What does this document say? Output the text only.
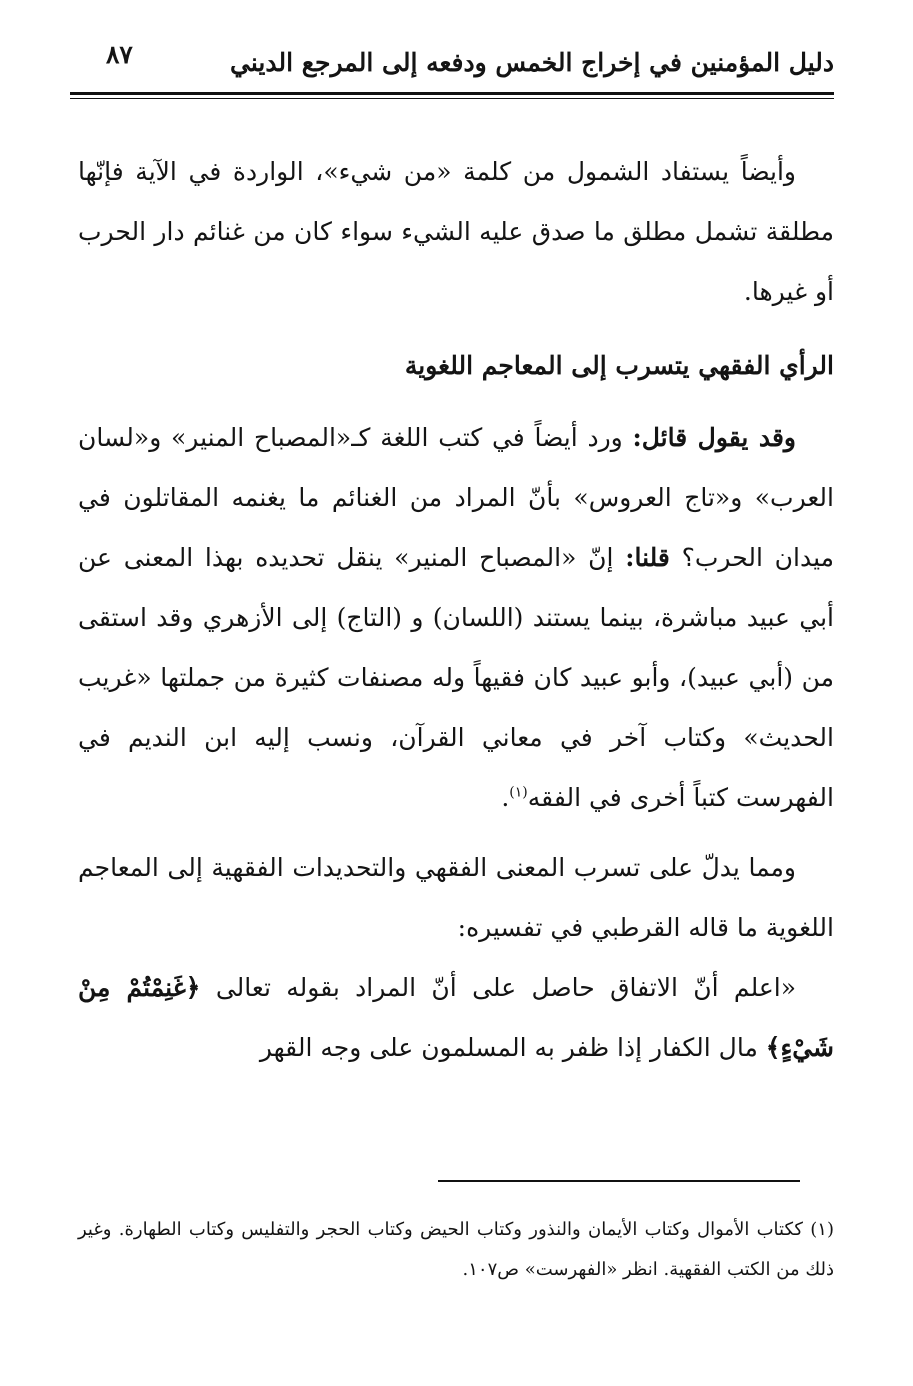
دليل المؤمنين في إخراج الخمس ودفعه إلى المرجع الديني
٨٧

وأيضاً يستفاد الشمول من كلمة «من شيء»، الواردة في الآية فإنّها مطلقة تشمل مطلق ما صدق عليه الشيء سواء كان من غنائم دار الحرب أو غيرها.

الرأي الفقهي يتسرب إلى المعاجم اللغوية

وقد يقول قائل: ورد أيضاً في كتب اللغة كـ«المصباح المنير» و«لسان العرب» و«تاج العروس» بأنّ المراد من الغنائم ما يغنمه المقاتلون في ميدان الحرب؟ قلنا: إنّ «المصباح المنير» ينقل تحديده بهذا المعنى عن أبي عبيد مباشرة، بينما يستند (اللسان) و (التاج) إلى الأزهري وقد استقى من (أبي عبيد)، وأبو عبيد كان فقيهاً وله مصنفات كثيرة من جملتها «غريب الحديث» وكتاب آخر في معاني القرآن، ونسب إليه ابن النديم في الفهرست كتباً أخرى في الفقه$^{(١)}$.

ومما يدلّ على تسرب المعنى الفقهي والتحديدات الفقهية إلى المعاجم اللغوية ما قاله القرطبي في تفسيره:

«اعلم أنّ الاتفاق حاصل على أنّ المراد بقوله تعالى ﴿غَنِمْتُمْ مِنْ شَيْءٍ﴾ مال الكفار إذا ظفر به المسلمون على وجه القهر

(١) ككتاب الأموال وكتاب الأيمان والنذور وكتاب الحيض وكتاب الحجر والتفليس وكتاب الطهارة. وغير ذلك من الكتب الفقهية. انظر «الفهرست» ص١٠٧.
